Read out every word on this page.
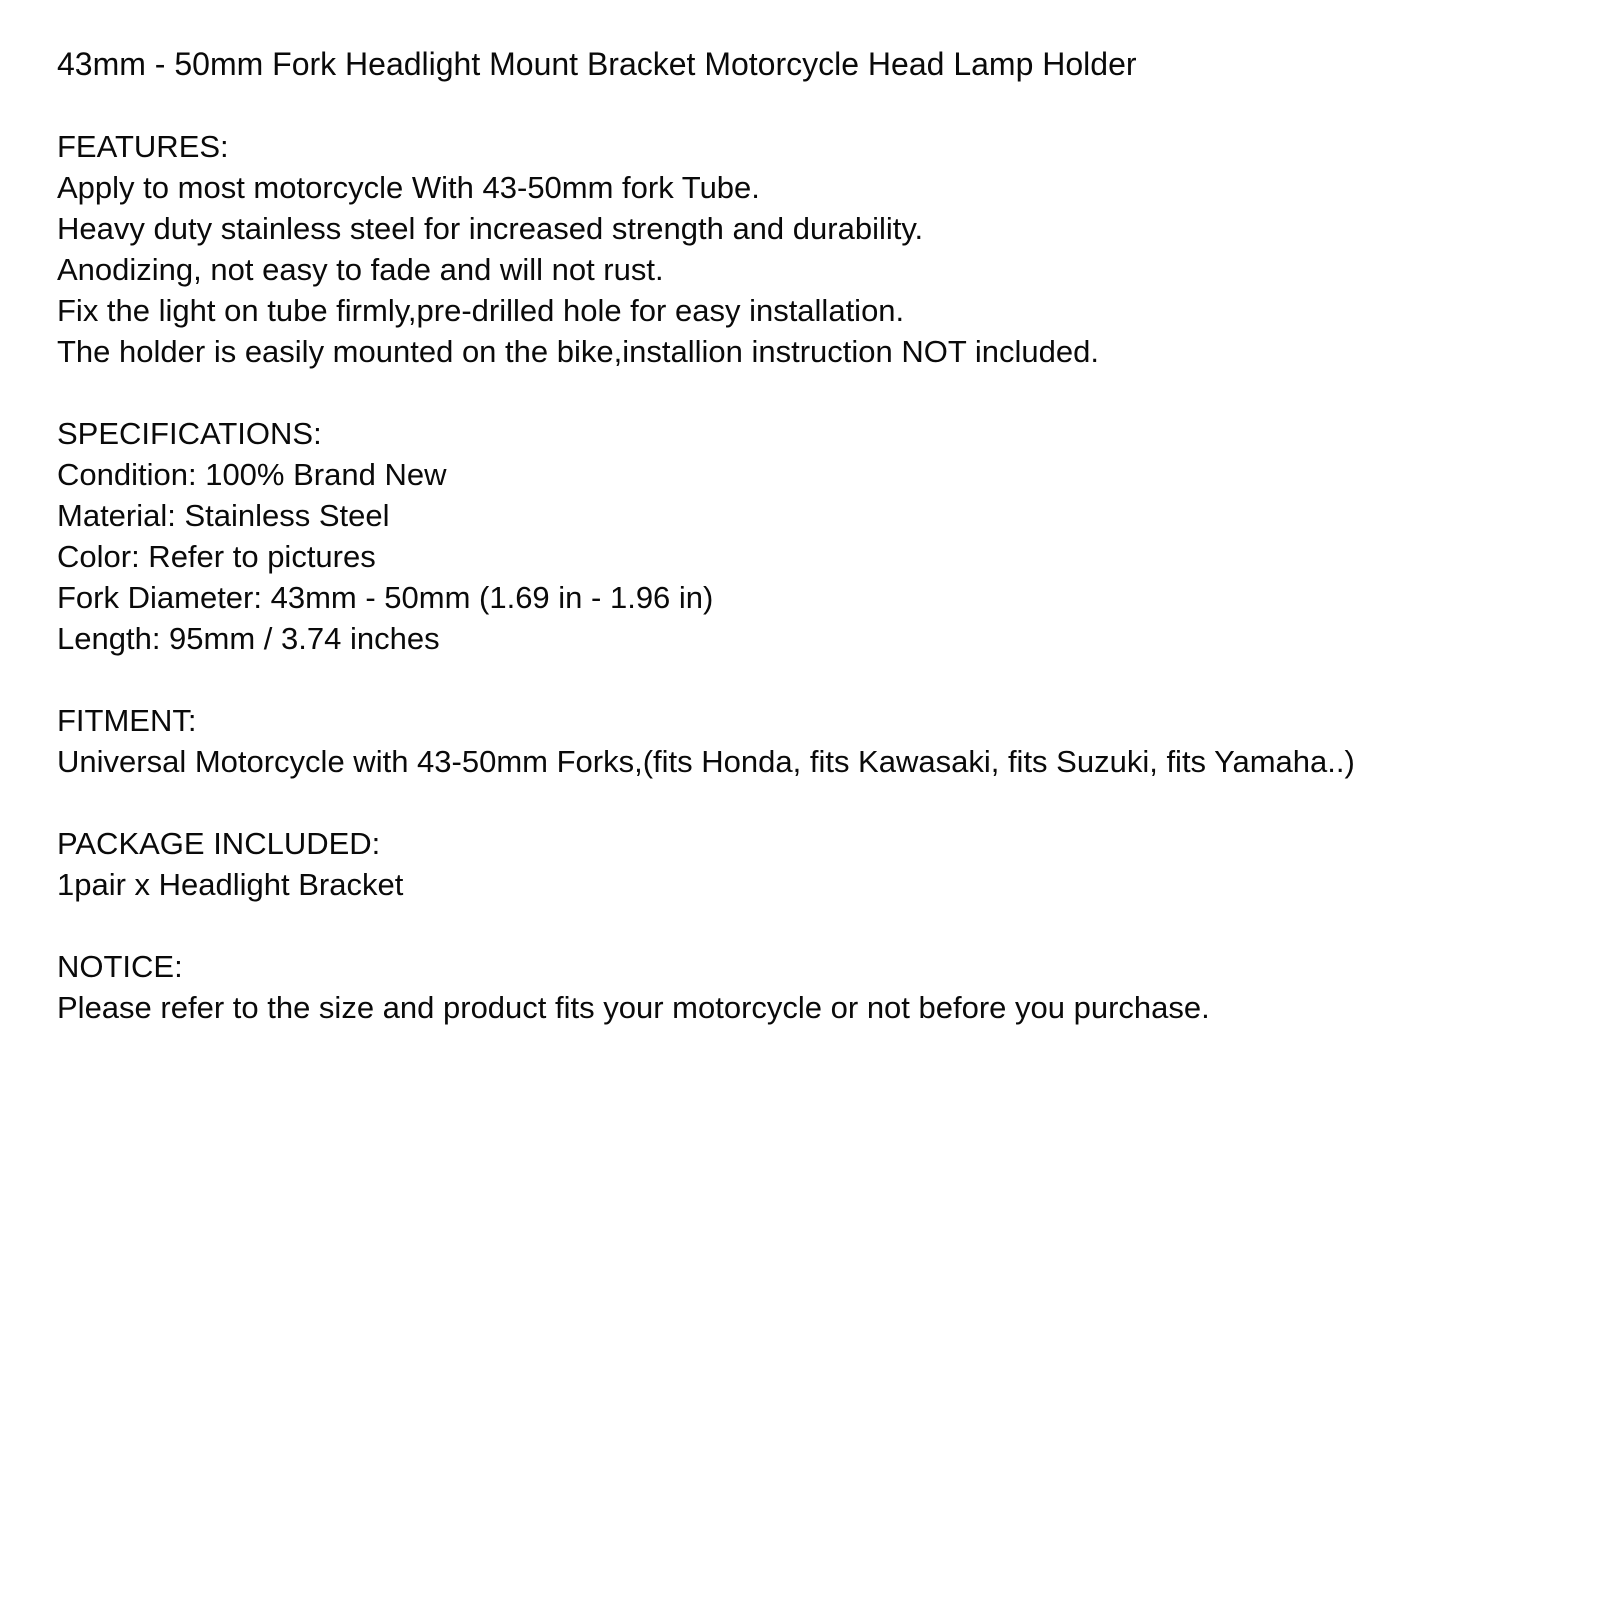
43mm - 50mm Fork Headlight Mount Bracket Motorcycle Head Lamp Holder
FEATURES:
Apply to most motorcycle With 43-50mm fork Tube.
Heavy duty stainless steel for increased strength and durability.
Anodizing, not easy to fade and will not rust.
Fix the light on tube firmly,pre-drilled hole for easy installation.
The holder is easily mounted on the bike,installion instruction NOT included.
SPECIFICATIONS:
Condition: 100% Brand New
Material: Stainless Steel
Color: Refer to pictures
Fork Diameter: 43mm - 50mm (1.69 in - 1.96 in)
Length: 95mm / 3.74 inches
FITMENT:
Universal Motorcycle with 43-50mm Forks,(fits Honda, fits Kawasaki, fits Suzuki, fits Yamaha..)
PACKAGE INCLUDED:
1pair x Headlight Bracket
NOTICE:
Please refer to the size and product fits your motorcycle or not before you purchase.
